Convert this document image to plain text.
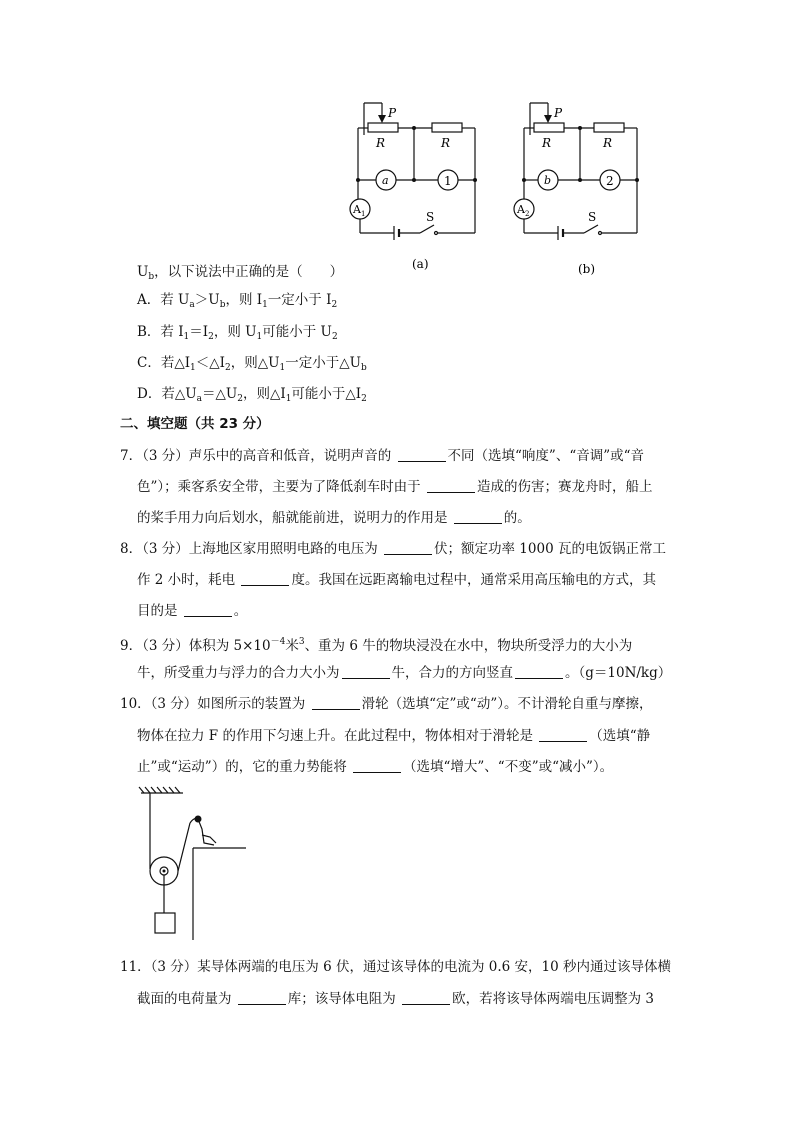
P
R	R
a	1
A 1	S
(a)
P
R	R
b	2
A 2	S
(b)
$U_b$，以下说法中正确的是（　　）
A．若 $U_a>U_b$，则 $I_1$一定小于 $I_2$
B．若 $I_1=I_2$，则 $U_1$可能小于 $U_2$
C．若$\triangle I_1<\triangle I_2$，则$\triangle U_1$一定小于$\triangle U_b$
D．若$\triangle U_a=\triangle U_2$，则$\triangle I_1$可能小于$\triangle I_2$
二、填空题（共 23 分）
7．（3 分）声乐中的高音和低音，说明声音的	不同（选填“响度”、“音调”或“音
色”）；乘客系安全带，主要为了降低刹车时由于	造成的伤害；赛龙舟时，船上
的桨手用力向后划水，船就能前进，说明力的作用是	的。
8．（3 分）上海地区家用照明电路的电压为	伏；额定功率 1000 瓦的电饭锅正常工
作 2 小时，耗电	度。我国在远距离输电过程中，通常采用高压输电的方式，其
目的是	。
9．（3 分）体积为 $5\times 10^{-4}$米$^3$、重为 6 牛的物块浸没在水中，物块所受浮力的大小为
牛，所受重力与浮力的合力大小为	牛，合力的方向竖直	。（g＝10N/kg）
10．（3 分）如图所示的装置为	滑轮（选填“定”或“动”）。不计滑轮自重与摩擦，
物体在拉力 F 的作用下匀速上升。在此过程中，物体相对于滑轮是	（选填“静
止”或“运动”）的，它的重力势能将	（选填“增大”、“不变”或“减小”）。
11．（3 分）某导体两端的电压为 6 伏，通过该导体的电流为 0.6 安，10 秒内通过该导体横
截面的电荷量为	库；该导体电阻为	欧，若将该导体两端电压调整为 3
